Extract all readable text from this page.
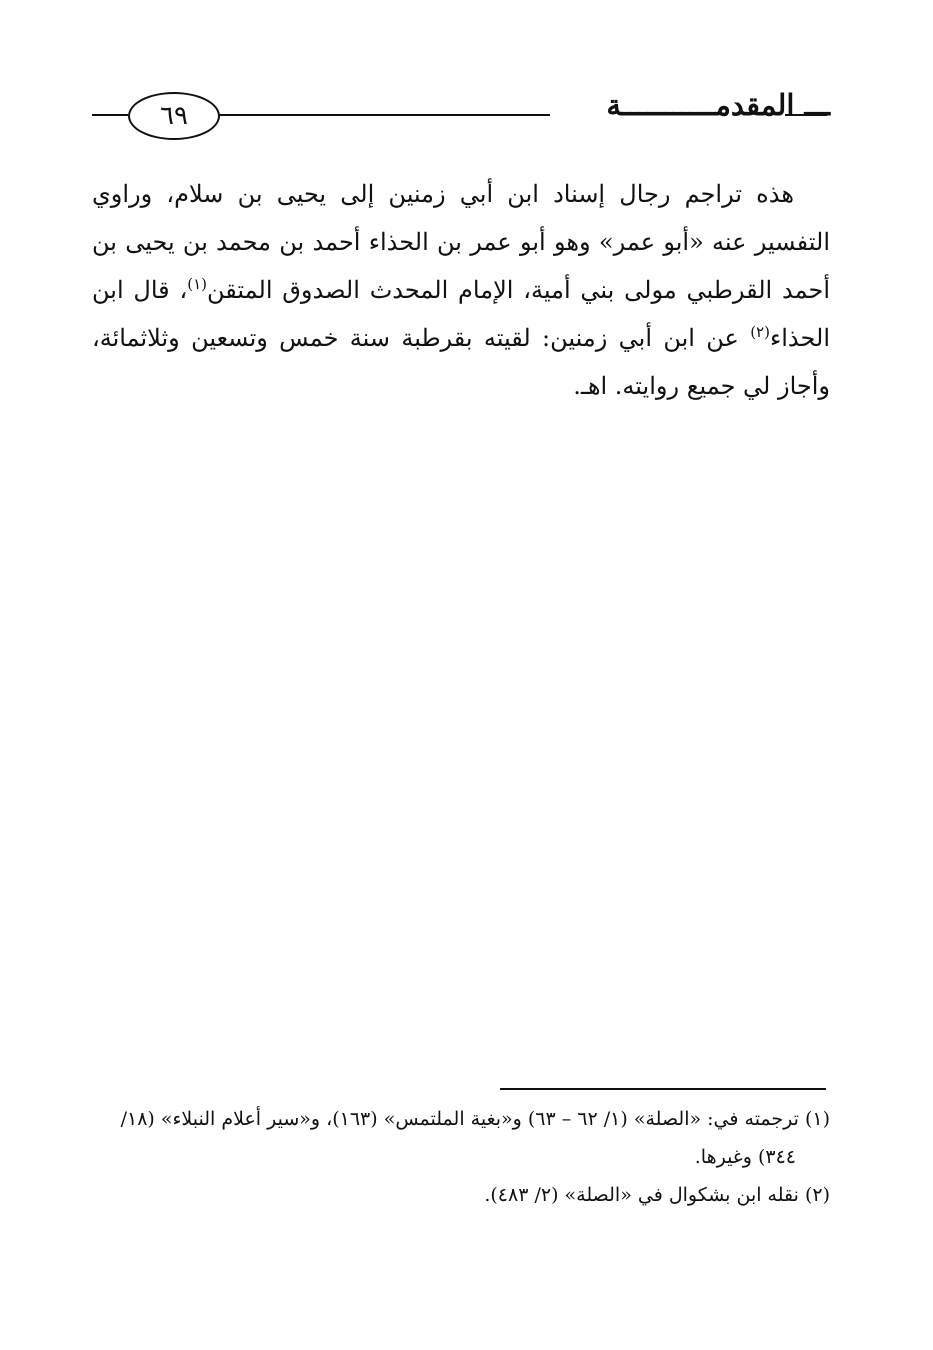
ـــ المقدمـــــــــــة
٦٩

هذه تراجم رجال إسناد ابن أبي زمنين إلى يحيى بن سلام، وراوي التفسير عنه «أبو عمر» وهو أبو عمر بن الحذاء أحمد بن محمد بن يحيى بن أحمد القرطبي مولى بني أمية، الإمام المحدث الصدوق المتقن$^{(١)}$، قال ابن الحذاء$^{(٢)}$ عن ابن أبي زمنين: لقيته بقرطبة سنة خمس وتسعين وثلاثمائة، وأجاز لي جميع روايته. اهـ.

(١)ترجمته في: «الصلة» (١/ ٦٢ – ٦٣) و«بغية الملتمس» (١٦٣)، و«سير أعلام النبلاء» (١٨/
٣٤٤) وغيرها.
(٢)نقله ابن بشكوال في «الصلة» (٢/ ٤٨٣).
